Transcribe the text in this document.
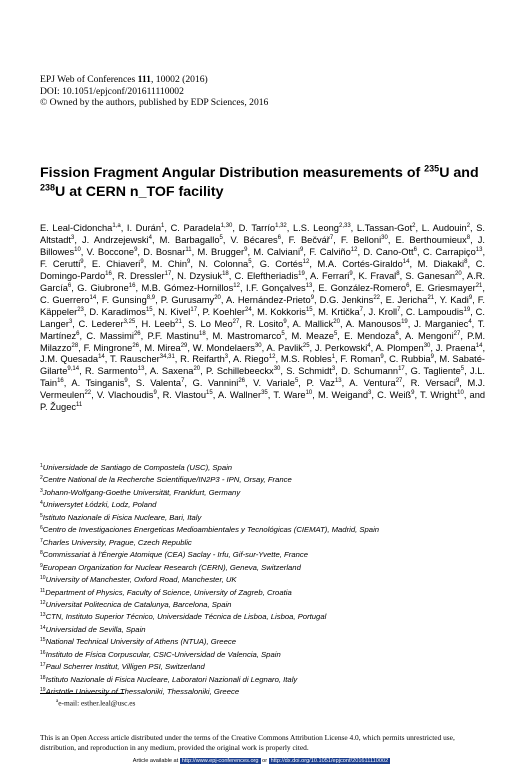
EPJ Web of Conferences 111, 10002 (2016)
DOI: 10.1051/epjconf/201611110002
© Owned by the authors, published by EDP Sciences, 2016
Fission Fragment Angular Distribution measurements of $^{235}$U and $^{238}$U at CERN n_TOF facility
E. Leal-Cidoncha$^{1,a}$, I. Durán$^1$, C. Paradela$^{1,30}$, D. Tarrío$^{1,32}$, L.S. Leong$^{2,33}$, L.Tassan-Got$^2$, L. Audouin$^2$, S. Altstadt$^3$, J. Andrzejewski$^4$, M. Barbagallo$^5$, V. Bécares$^6$, F. Bečvář$^7$, F. Belloni$^{30}$, E. Berthoumieux$^8$, J. Billowes$^{10}$, V. Boccone$^9$, D. Bosnar$^{11}$, M. Brugger$^9$, M. Calviani$^9$, F. Calviño$^{12}$, D. Cano-Ott$^6$, C. Carrapiço$^{13}$, F. Cerutti$^9$, E. Chiaveri$^9$, M. Chin$^9$, N. Colonna$^5$, G. Cortés$^{12}$, M.A. Cortés-Giraldo$^{14}$, M. Diakaki$^8$, C. Domingo-Pardo$^{16}$, R. Dressler$^{17}$, N. Dzysiuk$^{18}$, C. Eleftheriadis$^{19}$, A. Ferrari$^9$, K. Fraval$^8$, S. Ganesan$^{20}$, A.R. García$^6$, G. Giubrone$^{16}$, M.B. Gómez-Hornillos$^{12}$, I.F. Gonçalves$^{13}$, E. González-Romero$^6$, E. Griesmayer$^{21}$, C. Guerrero$^{14}$, F. Gunsing$^{8,9}$, P. Gurusamy$^{20}$, A. Hernández-Prieto$^9$, D.G. Jenkins$^{22}$, E. Jericha$^{21}$, Y. Kadi$^9$, F. Käppeler$^{23}$, D. Karadimos$^{15}$, N. Kivel$^{17}$, P. Koehler$^{24}$, M. Kokkoris$^{15}$, M. Krtička$^7$, J. Kroll$^7$, C. Lampoudis$^{19}$, C. Langer$^3$, C. Lederer$^{3,25}$, H. Leeb$^{21}$, S. Lo Meo$^{27}$, R. Losito$^9$, A. Mallick$^{20}$, A. Manousos$^{19}$, J. Marganiec$^4$, T. Martínez$^6$, C. Massimi$^{26}$, P.F. Mastinu$^{18}$, M. Mastromarco$^5$, M. Meaze$^5$, E. Mendoza$^6$, A. Mengoni$^{27}$, P.M. Milazzo$^{28}$, F. Mingrone$^{26}$, M. Mirea$^{29}$, W. Mondelaers$^{30}$, A. Pavlik$^{25}$, J. Perkowski$^4$, A. Plompen$^{30}$, J. Praena$^{14}$, J.M. Quesada$^{14}$, T. Rauscher$^{34,31}$, R. Reifarth$^3$, A. Riego$^{12}$, M.S. Robles$^1$, F. Roman$^9$, C. Rubbia$^9$, M. Sabaté-Gilarte$^{9,14}$, R. Sarmento$^{13}$, A. Saxena$^{20}$, P. Schillebeeckx$^{30}$, S. Schmidt$^3$, D. Schumann$^{17}$, G. Tagliente$^5$, J.L. Tain$^{16}$, A. Tsinganis$^9$, S. Valenta$^7$, G. Vannini$^{26}$, V. Variale$^5$, P. Vaz$^{13}$, A. Ventura$^{27}$, R. Versaci$^9$, M.J. Vermeulen$^{22}$, V. Vlachoudis$^9$, R. Vlastou$^{15}$, A. Wallner$^{35}$, T. Ware$^{10}$, M. Weigand$^3$, C. Weiß$^9$, T. Wright$^{10}$, and P. Žugec$^{11}$
$^1$Universidade de Santiago de Compostela (USC), Spain
$^2$Centre National de la Recherche Scientifique/IN2P3 - IPN, Orsay, France
$^3$Johann-Wolfgang-Goethe Universität, Frankfurt, Germany
$^4$Uniwersytet Łódzki, Lodz, Poland
$^5$Istituto Nazionale di Fisica Nucleare, Bari, Italy
$^6$Centro de Investigaciones Energeticas Medioambientales y Tecnológicas (CIEMAT), Madrid, Spain
$^7$Charles University, Prague, Czech Republic
$^8$Commissariat à l'Énergie Atomique (CEA) Saclay - Irfu, Gif-sur-Yvette, France
$^9$European Organization for Nuclear Research (CERN), Geneva, Switzerland
$^{10}$University of Manchester, Oxford Road, Manchester, UK
$^{11}$Department of Physics, Faculty of Science, University of Zagreb, Croatia
$^{12}$Universitat Politecnica de Catalunya, Barcelona, Spain
$^{13}$CTN, Instituto Superior Técnico, Universidade Técnica de Lisboa, Lisboa, Portugal
$^{14}$Universidad de Sevilla, Spain
$^{15}$National Technical University of Athens (NTUA), Greece
$^{16}$Instituto de Física Corpuscular, CSIC-Universidad de Valencia, Spain
$^{17}$Paul Scherrer Institut, Villigen PSI, Switzerland
$^{18}$Istituto Nazionale di Fisica Nucleare, Laboratori Nazionali di Legnaro, Italy
$^{19}$Aristotle University of Thessaloniki, Thessaloniki, Greece
$^a$e-mail: esther.leal@usc.es
This is an Open Access article distributed under the terms of the Creative Commons Attribution License 4.0, which permits unrestricted use, distribution, and reproduction in any medium, provided the original work is properly cited.
Article available at http://www.epj-conferences.org or http://dx.doi.org/10.1051/epjconf/201611110002
